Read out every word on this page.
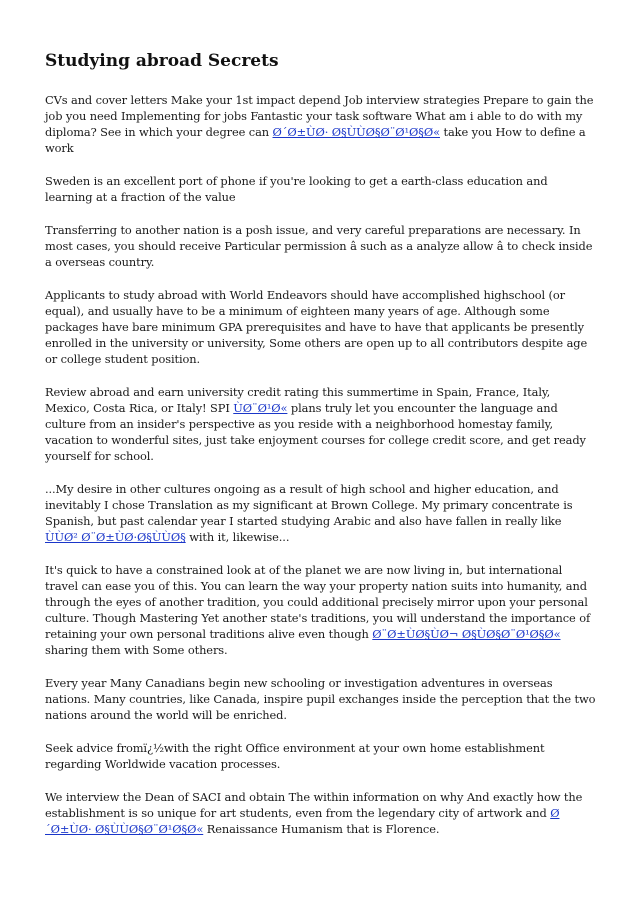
Studying abroad Secrets

CVs and cover letters Make your 1st impact depend Job interview strategies Prepare to gain the job you need Implementing for jobs Fantastic your task software What am i able to do with my diploma? See in which your degree can Ø´Ø±ÙØ· Ø§ÙÙØ§Ø¨Ø¹Ø§Ø« take you How to define a work

Sweden is an excellent port of phone if you're looking to get a earth-class education and learning at a fraction of the value

Transferring to another nation is a posh issue, and very careful preparations are necessary. In most cases, you should receive Particular permission â such as a analyze allow â to check inside a overseas country.

Applicants to study abroad with World Endeavors should have accomplished highschool (or equal), and usually have to be a minimum of eighteen many years of age. Although some packages have bare minimum GPA prerequisites and have to have that applicants be presently enrolled in the university or university, Some others are open up to all contributors despite age or college student position.

Review abroad and earn university credit rating this summertime in Spain, France, Italy, Mexico, Costa Rica, or Italy! SPI ÙØ¨Ø¹Ø« plans truly let you encounter the language and culture from an insider's perspective as you reside with a neighborhood homestay family, vacation to wonderful sites, just take enjoyment courses for college credit score, and get ready yourself for school.

...My desire in other cultures ongoing as a result of high school and higher education, and inevitably I chose Translation as my significant at Brown College. My primary concentrate is Spanish, but past calendar year I started studying Arabic and also have fallen in really like ÙÙØ² Ø¨Ø±ÙØ·Ø§ÙÙØ§ with it, likewise...

It's quick to have a constrained look at of the planet we are now living in, but international travel can ease you of this. You can learn the way your property nation suits into humanity, and through the eyes of another tradition, you could additional precisely mirror upon your personal culture. Though Mastering Yet another state's traditions, you will understand the importance of retaining your own personal traditions alive even though Ø¨Ø±ÙØ§ÙØ¬ Ø§ÙØ§Ø¨Ø¹Ø§Ø« sharing them with Some others.

Every year Many Canadians begin new schooling or investigation adventures in overseas nations. Many countries, like Canada, inspire pupil exchanges inside the perception that the two nations around the world will be enriched.

Seek advice fromï¿½with the right Office environment at your own home establishment regarding Worldwide vacation processes.

We interview the Dean of SACI and obtain The within information on why And exactly how the establishment is so unique for art students, even from the legendary city of artwork and Ø´Ø±ÙØ· Ø§ÙÙØ§Ø¨Ø¹Ø§Ø« Renaissance Humanism that is Florence.
